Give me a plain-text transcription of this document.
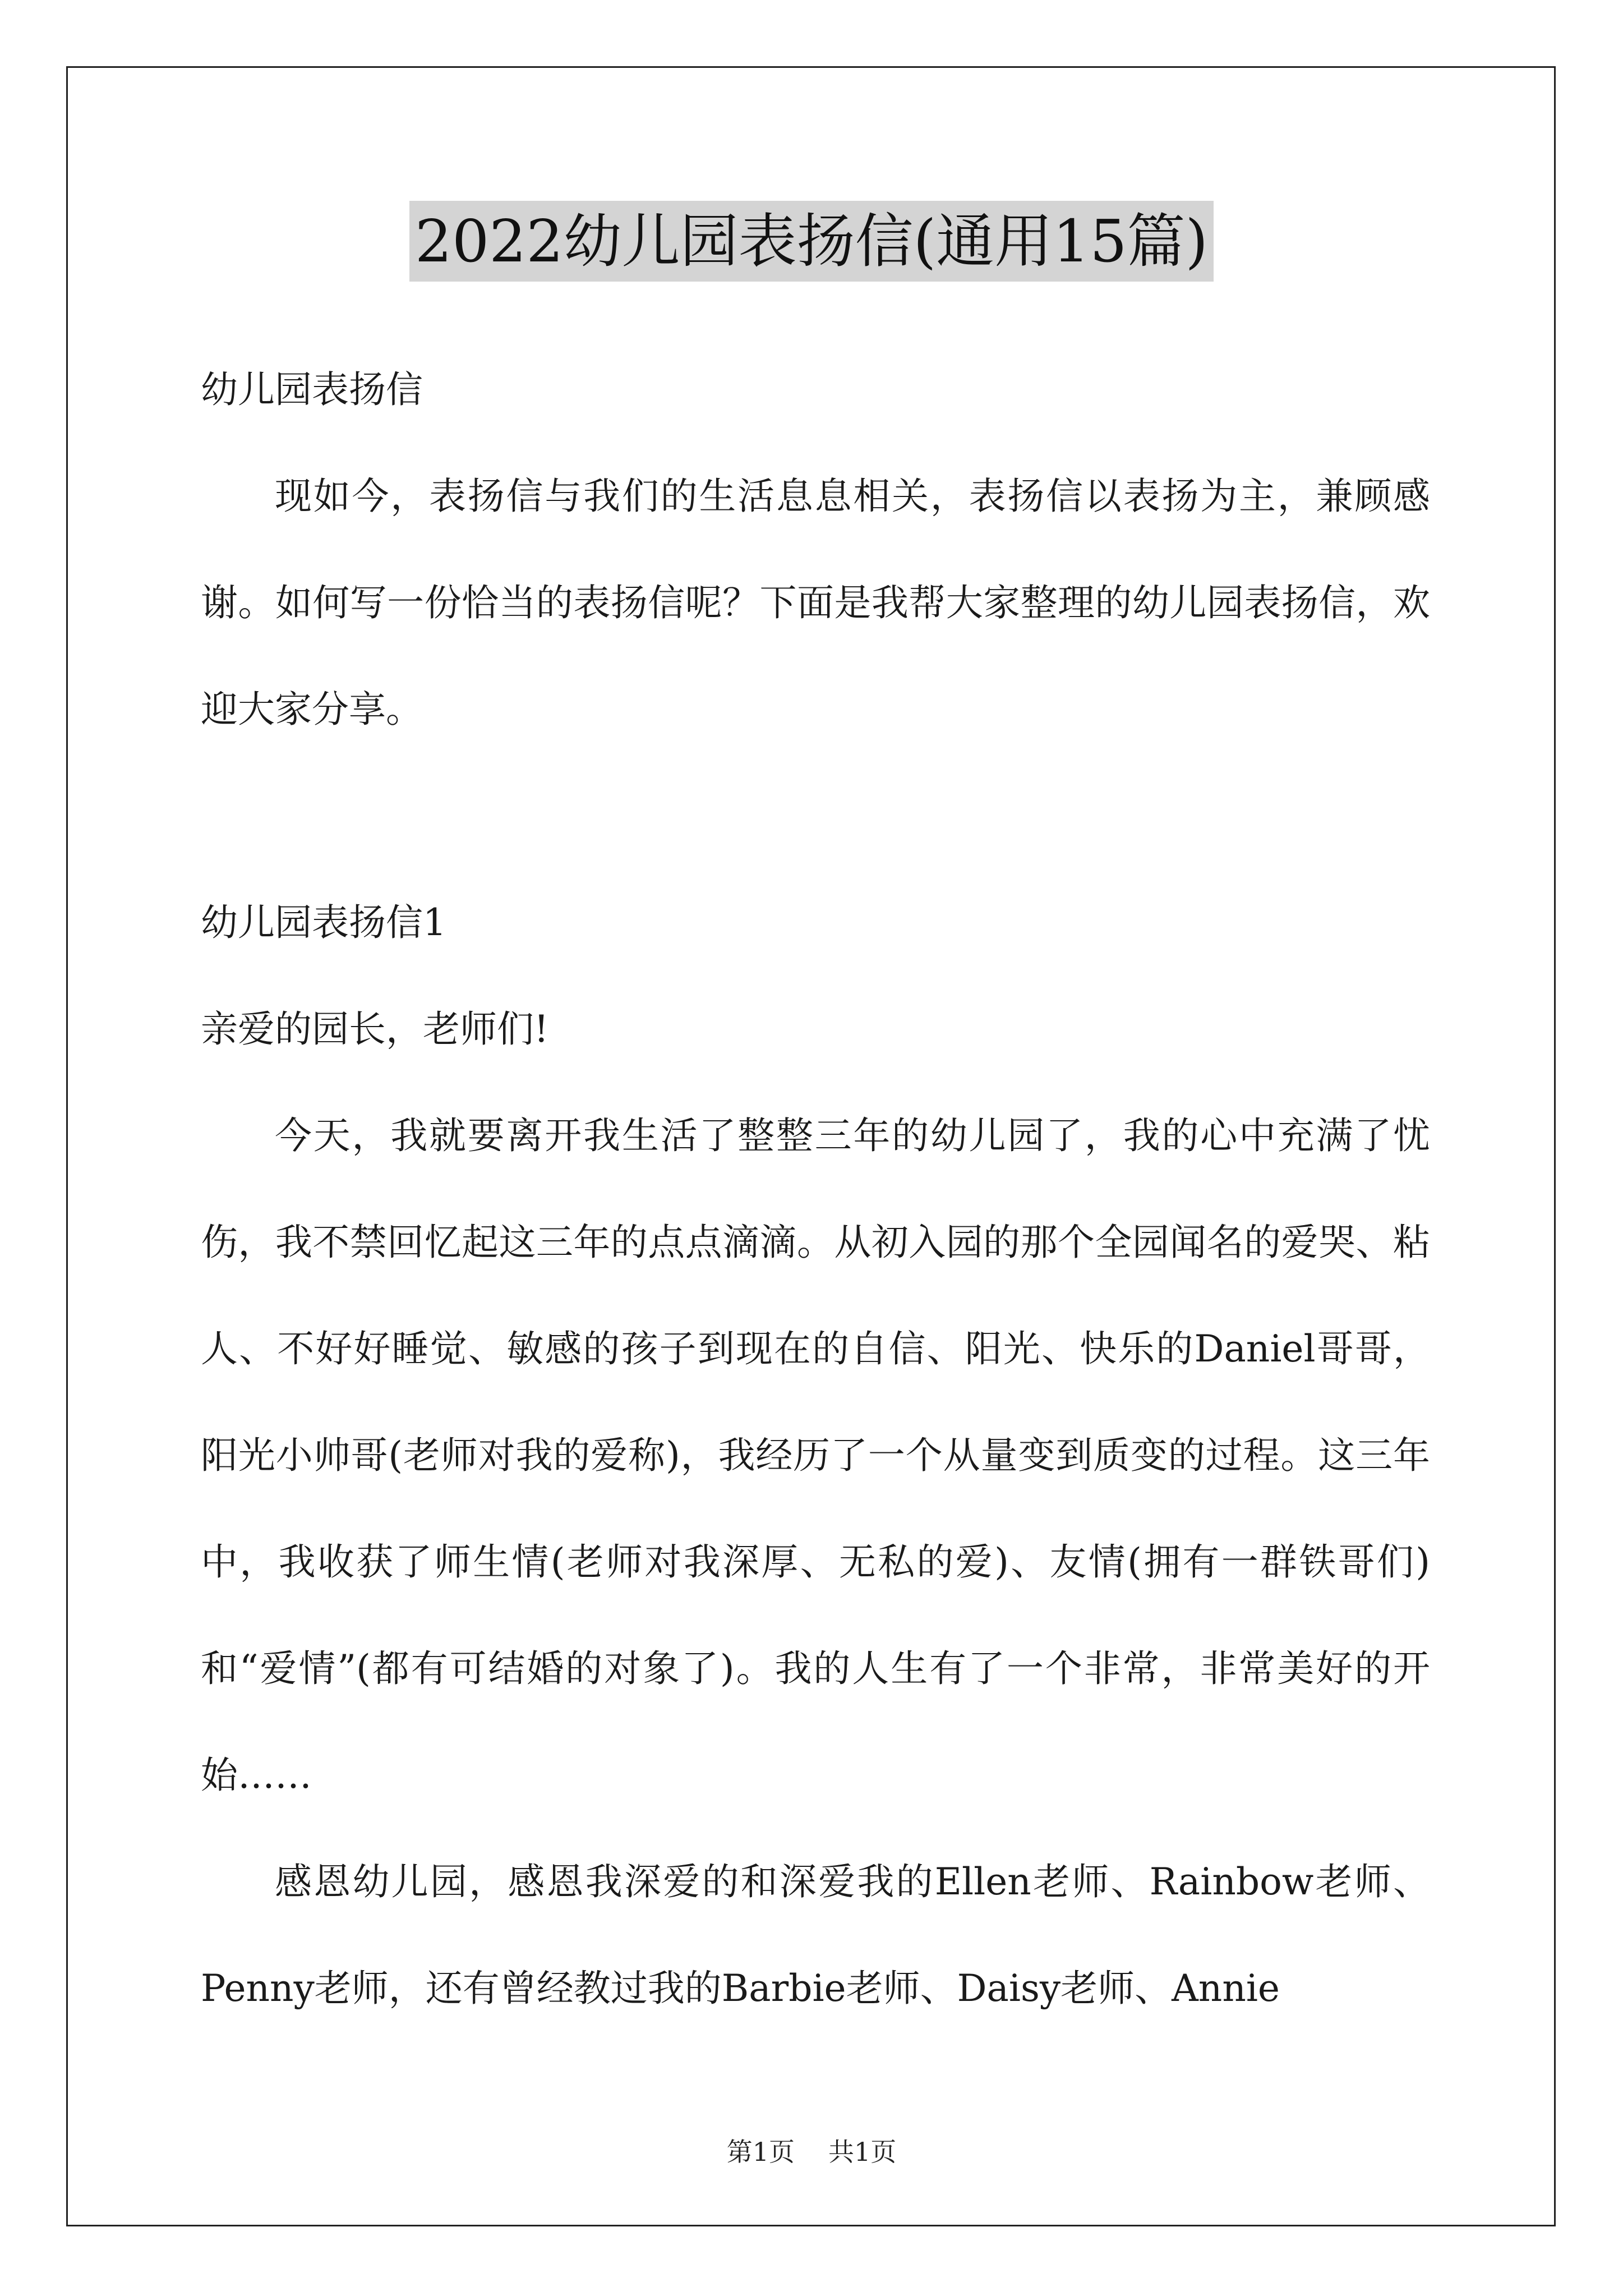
2022幼儿园表扬信(通用15篇)

幼儿园表扬信

现如今，表扬信与我们的生活息息相关，表扬信以表扬为主，兼顾感谢。如何写一份恰当的表扬信呢？下面是我帮大家整理的幼儿园表扬信，欢迎大家分享。

幼儿园表扬信1

亲爱的园长，老师们!

今天，我就要离开我生活了整整三年的幼儿园了，我的心中充满了忧伤，我不禁回忆起这三年的点点滴滴。从初入园的那个全园闻名的爱哭、粘人、不好好睡觉、敏感的孩子到现在的自信、阳光、快乐的Daniel哥哥，阳光小帅哥(老师对我的爱称)，我经历了一个从量变到质变的过程。这三年中，我收获了师生情(老师对我深厚、无私的爱)、友情(拥有一群铁哥们)和“爱情”(都有可结婚的对象了)。我的人生有了一个非常，非常美好的开始……

感恩幼儿园，感恩我深爱的和深爱我的Ellen老师、Rainbow老师、Penny老师，还有曾经教过我的Barbie老师、Daisy老师、Annie

第1页 共1页
